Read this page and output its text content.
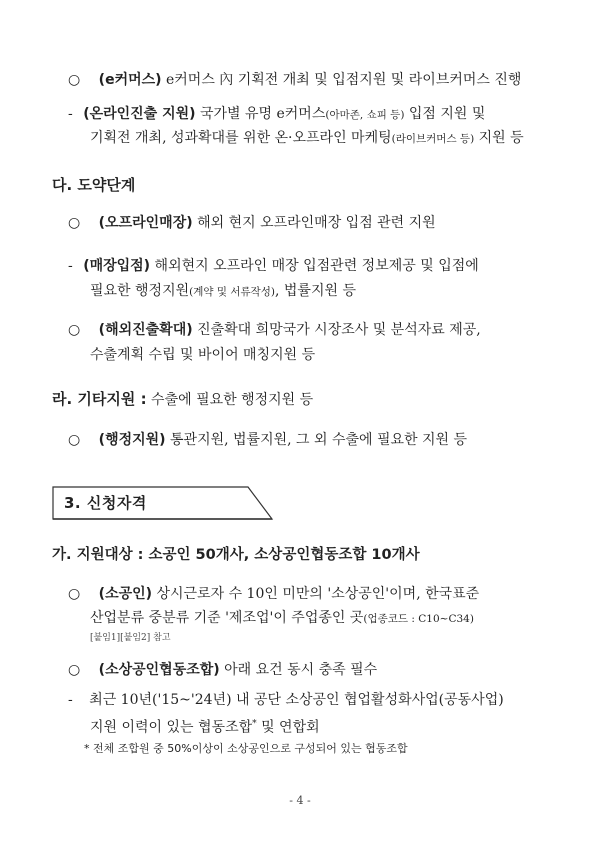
○ (e커머스) e커머스 內 기획전 개최 및 입점지원 및 라이브커머스 진행
- (온라인진출 지원) 국가별 유명 e커머스(아마존, 쇼피 등) 입점 지원 및
기획전 개최, 성과확대를 위한 온·오프라인 마케팅(라이브커머스 등) 지원 등
다. 도약단계
○ (오프라인매장) 해외 현지 오프라인매장 입점 관련 지원
- (매장입점) 해외현지 오프라인 매장 입점관련 정보제공 및 입점에
필요한 행정지원(계약 및 서류작성), 법률지원 등
○ (해외진출확대) 진출확대 희망국가 시장조사 및 분석자료 제공,
수출계획 수립 및 바이어 매칭지원 등
라. 기타지원 : 수출에 필요한 행정지원 등
○ (행정지원) 통관지원, 법률지원, 그 외 수출에 필요한 지원 등
3. 신청자격
가. 지원대상 : 소공인 50개사, 소상공인협동조합 10개사
○ (소공인) 상시근로자 수 10인 미만의 '소상공인'이며, 한국표준
산업분류 중분류 기준 '제조업'이 주업종인 곳(업종코드 : C10∼C34)
[붙임1][붙임2] 참고
○ (소상공인협동조합) 아래 요건 동시 충족 필수
- 최근 10년('15~'24년) 내 공단 소상공인 협업활성화사업(공동사업)
지원 이력이 있는 협동조합* 및 연합회
* 전체 조합원 중 50%이상이 소상공인으로 구성되어 있는 협동조합
- 4 -
